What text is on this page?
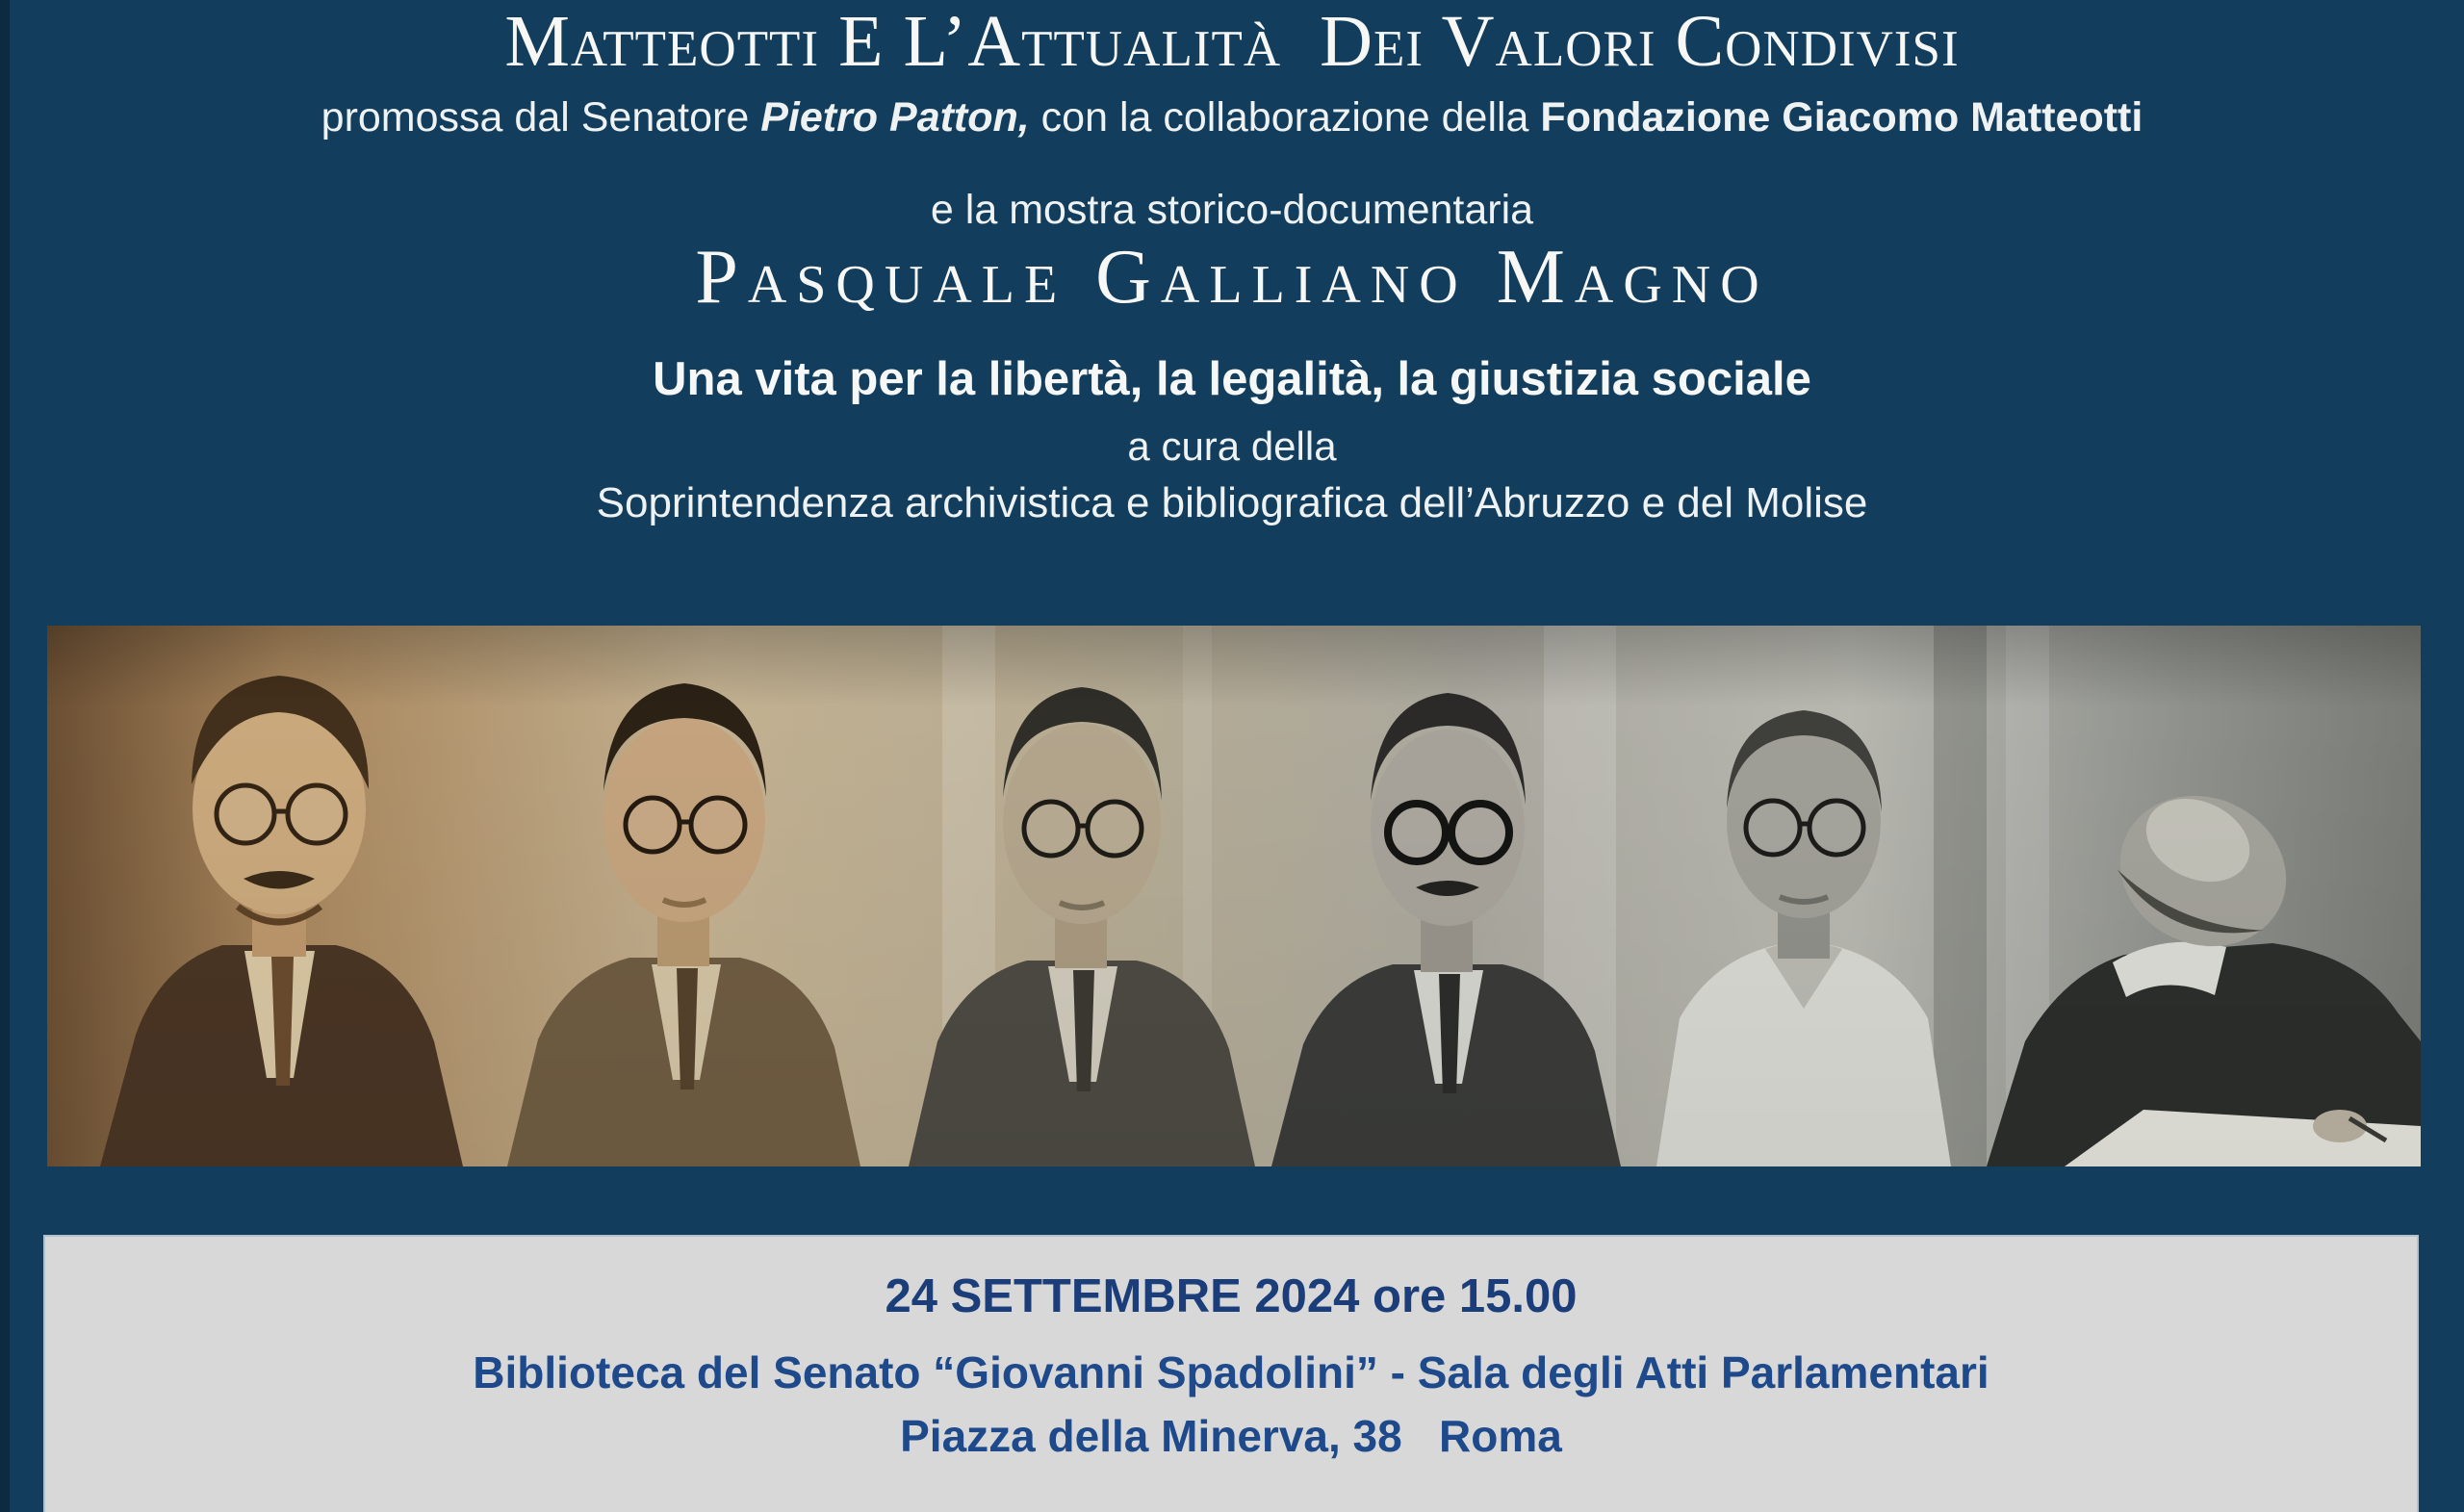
Matteotti E L’Attualità  Dei Valori Condivisi
promossa dal Senatore Pietro Patton, con la collaborazione della Fondazione Giacomo Matteotti
e la mostra storico-documentaria
Pasquale Galliano Magno
Una vita per la libertà, la legalità, la giustizia sociale
a cura della
Soprintendenza archivistica e bibliografica dell’Abruzzo e del Molise
24 SETTEMBRE 2024 ore 15.00
Biblioteca del Senato “Giovanni Spadolini” - Sala degli Atti Parlamentari
Piazza della Minerva, 38   Roma
